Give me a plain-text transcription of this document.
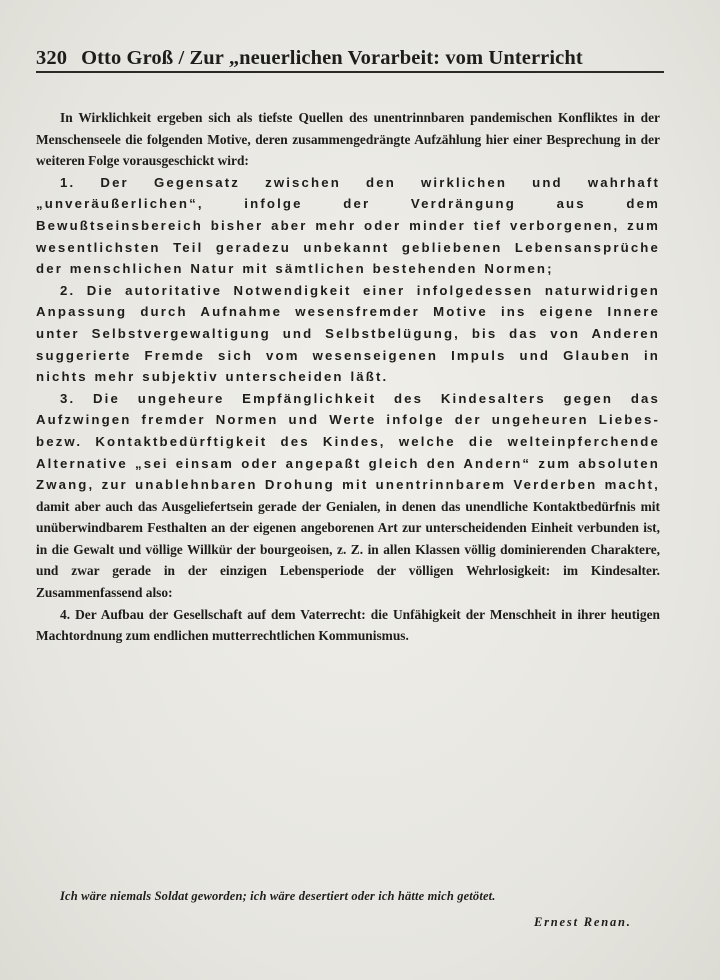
320 Otto Groß / Zur „neuerlichen Vorarbeit: vom Unterricht

In Wirklichkeit ergeben sich als tiefste Quellen des unentrinnbaren pandemischen Konfliktes in der Menschenseele die folgenden Motive, deren zusammengedrängte Aufzählung hier einer Besprechung in der weiteren Folge vorausgeschickt wird:

1. Der Gegensatz zwischen den wirklichen und wahrhaft „unveräußerlichen“, infolge der Verdrängung aus dem Bewußtseinsbereich bisher aber mehr oder minder tief verborgenen, zum wesentlichsten Teil geradezu unbekannt gebliebenen Lebensansprüche der menschlichen Natur mit sämtlichen bestehenden Normen;

2. Die autoritative Notwendigkeit einer infolgedessen naturwidrigen Anpassung durch Aufnahme wesensfremder Motive ins eigene Innere unter Selbstvergewaltigung und Selbstbelügung, bis das von Anderen suggerierte Fremde sich vom wesenseigenen Impuls und Glauben in nichts mehr subjektiv unterscheiden läßt.

3. Die ungeheure Empfänglichkeit des Kindesalters gegen das Aufzwingen fremder Normen und Werte infolge der ungeheuren Liebes- bezw. Kontaktbedürftigkeit des Kindes, welche die welteinpferchende Alternative „sei einsam oder angepaßt gleich den Andern“ zum absoluten Zwang, zur unablehnbaren Drohung mit unentrinnbarem Verderben macht, damit aber auch das Ausgeliefertsein gerade der Genialen, in denen das unendliche Kontaktbedürfnis mit unüberwindbarem Festhalten an der eigenen angeborenen Art zur unterscheidenden Einheit verbunden ist, in die Gewalt und völlige Willkür der bourgeoisen, z. Z. in allen Klassen völlig dominierenden Charaktere, und zwar gerade in der einzigen Lebensperiode der völligen Wehrlosigkeit: im Kindesalter. Zusammenfassend also:

4. Der Aufbau der Gesellschaft auf dem Vaterrecht: die Unfähigkeit der Menschheit in ihrer heutigen Machtordnung zum endlichen mutterrechtlichen Kommunismus.

Ich wäre niemals Soldat geworden; ich wäre desertiert oder ich hätte mich getötet.
Ernest Renan.
